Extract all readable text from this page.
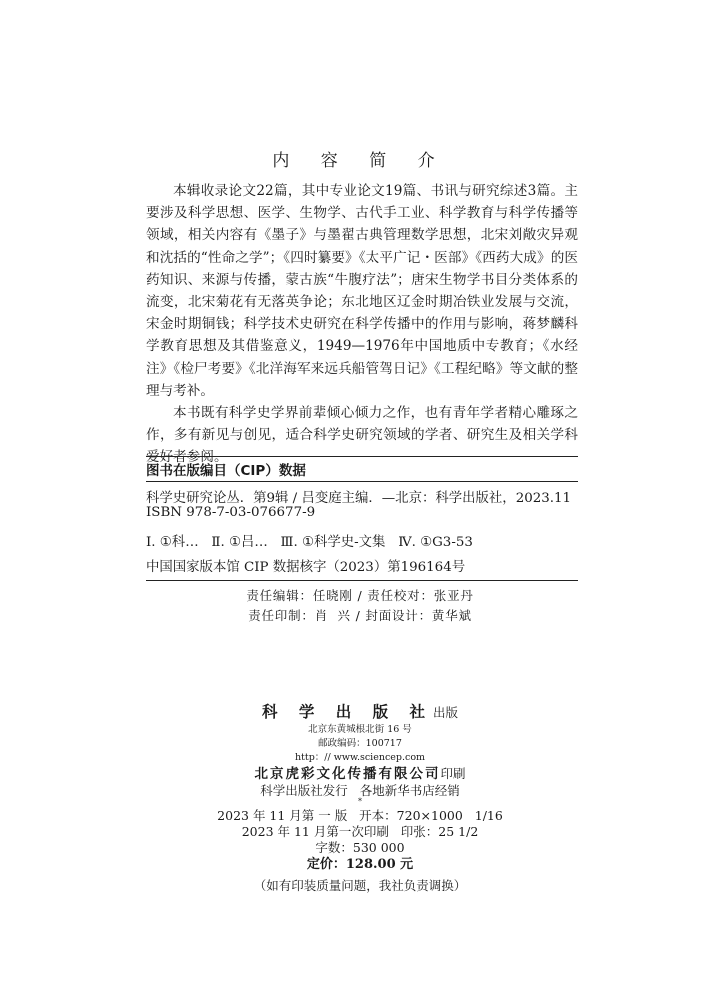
内 容 简 介

本辑收录论文22篇，其中专业论文19篇、书讯与研究综述3篇。主要涉及科学思想、医学、生物学、古代手工业、科学教育与科学传播等领域，相关内容有《墨子》与墨翟古典管理数学思想，北宋刘敞灾异观和沈括的“性命之学”；《四时纂要》《太平广记・医部》《西药大成》的医药知识、来源与传播，蒙古族“牛腹疗法”；唐宋生物学书目分类体系的流变，北宋菊花有无落英争论；东北地区辽金时期冶铁业发展与交流，宋金时期铜钱；科学技术史研究在科学传播中的作用与影响，蒋梦麟科学教育思想及其借鉴意义，1949—1976年中国地质中专教育；《水经注》《检尸考要》《北洋海军来远兵船管驾日记》《工程纪略》等文献的整理与考补。

本书既有科学史学界前辈倾心倾力之作，也有青年学者精心雕琢之作，多有新见与创见，适合科学史研究领域的学者、研究生及相关学科爱好者参阅。

图书在版编目（CIP）数据
科学史研究论丛．第9辑 / 吕变庭主编．—北京：科学出版社，2023.11
ISBN 978-7-03-076677-9
Ⅰ. ①科…   Ⅱ. ①吕…   Ⅲ. ①科学史-文集   Ⅳ. ①G3-53
中国国家版本馆 CIP 数据核字（2023）第196164号
责任编辑：任晓刚 / 责任校对：张亚丹
责任印制：肖  兴 / 封面设计：黄华斌
科 学 出 版 社出版
北京东黄城根北街 16 号
邮政编码：100717
http：// www.sciencep.com
北京虎彩文化传播有限公司印刷
科学出版社发行   各地新华书店经销
*
2023 年 11 月第 一 版   开本：720×1000   1/16
2023 年 11 月第一次印刷   印张：25 1/2
字数：530 000
定价：128.00 元
（如有印装质量问题，我社负责调换）
